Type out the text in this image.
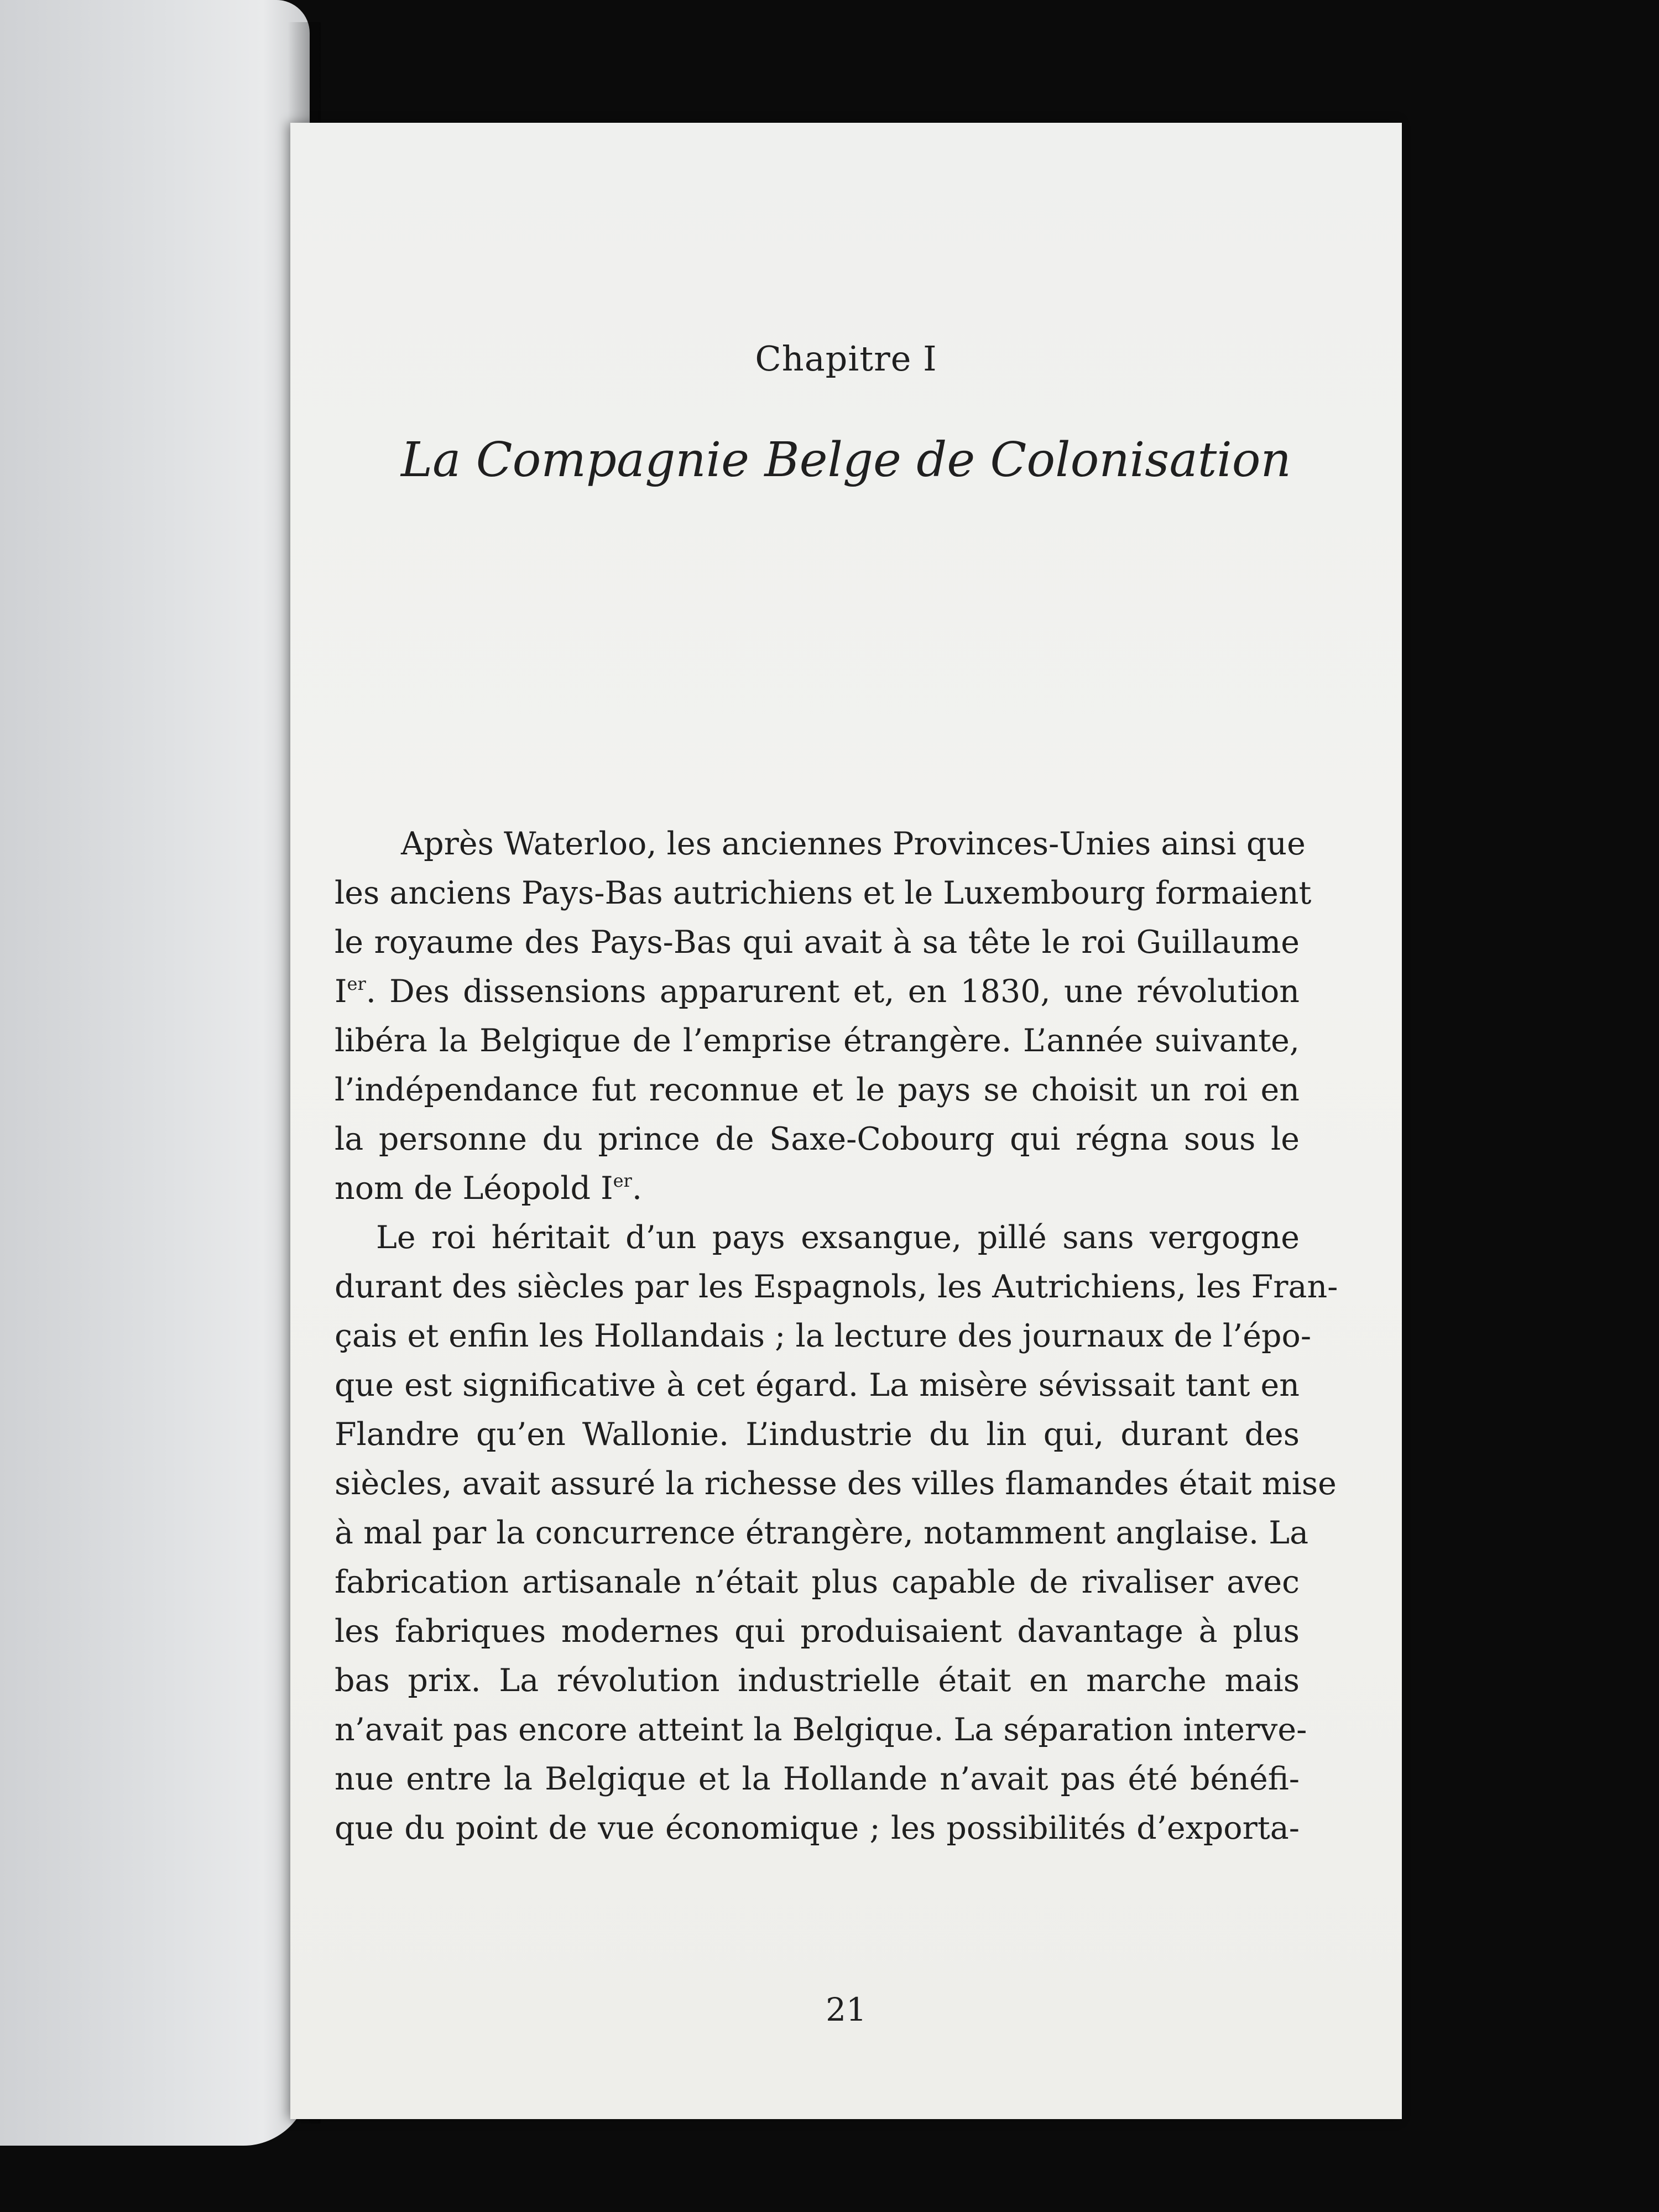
Chapitre I
La Compagnie Belge de Colonisation
Après Waterloo, les anciennes Provinces-Unies ainsi que
les anciens Pays-Bas autrichiens et le Luxembourg formaient
le royaume des Pays-Bas qui avait à sa tête le roi Guillaume
Ier. Des dissensions apparurent et, en 1830, une révolution
libéra la Belgique de l’emprise étrangère. L’année suivante,
l’indépendance fut reconnue et le pays se choisit un roi en
la personne du prince de Saxe-Cobourg qui régna sous le
nom de Léopold Ier.
Le roi héritait d’un pays exsangue, pillé sans vergogne
durant des siècles par les Espagnols, les Autrichiens, les Fran-
çais et enfin les Hollandais ; la lecture des journaux de l’épo-
que est significative à cet égard. La misère sévissait tant en
Flandre qu’en Wallonie. L’industrie du lin qui, durant des
siècles, avait assuré la richesse des villes flamandes était mise
à mal par la concurrence étrangère, notamment anglaise. La
fabrication artisanale n’était plus capable de rivaliser avec
les fabriques modernes qui produisaient davantage à plus
bas prix. La révolution industrielle était en marche mais
n’avait pas encore atteint la Belgique. La séparation interve-
nue entre la Belgique et la Hollande n’avait pas été bénéfi-
que du point de vue économique ; les possibilités d’exporta-
21
